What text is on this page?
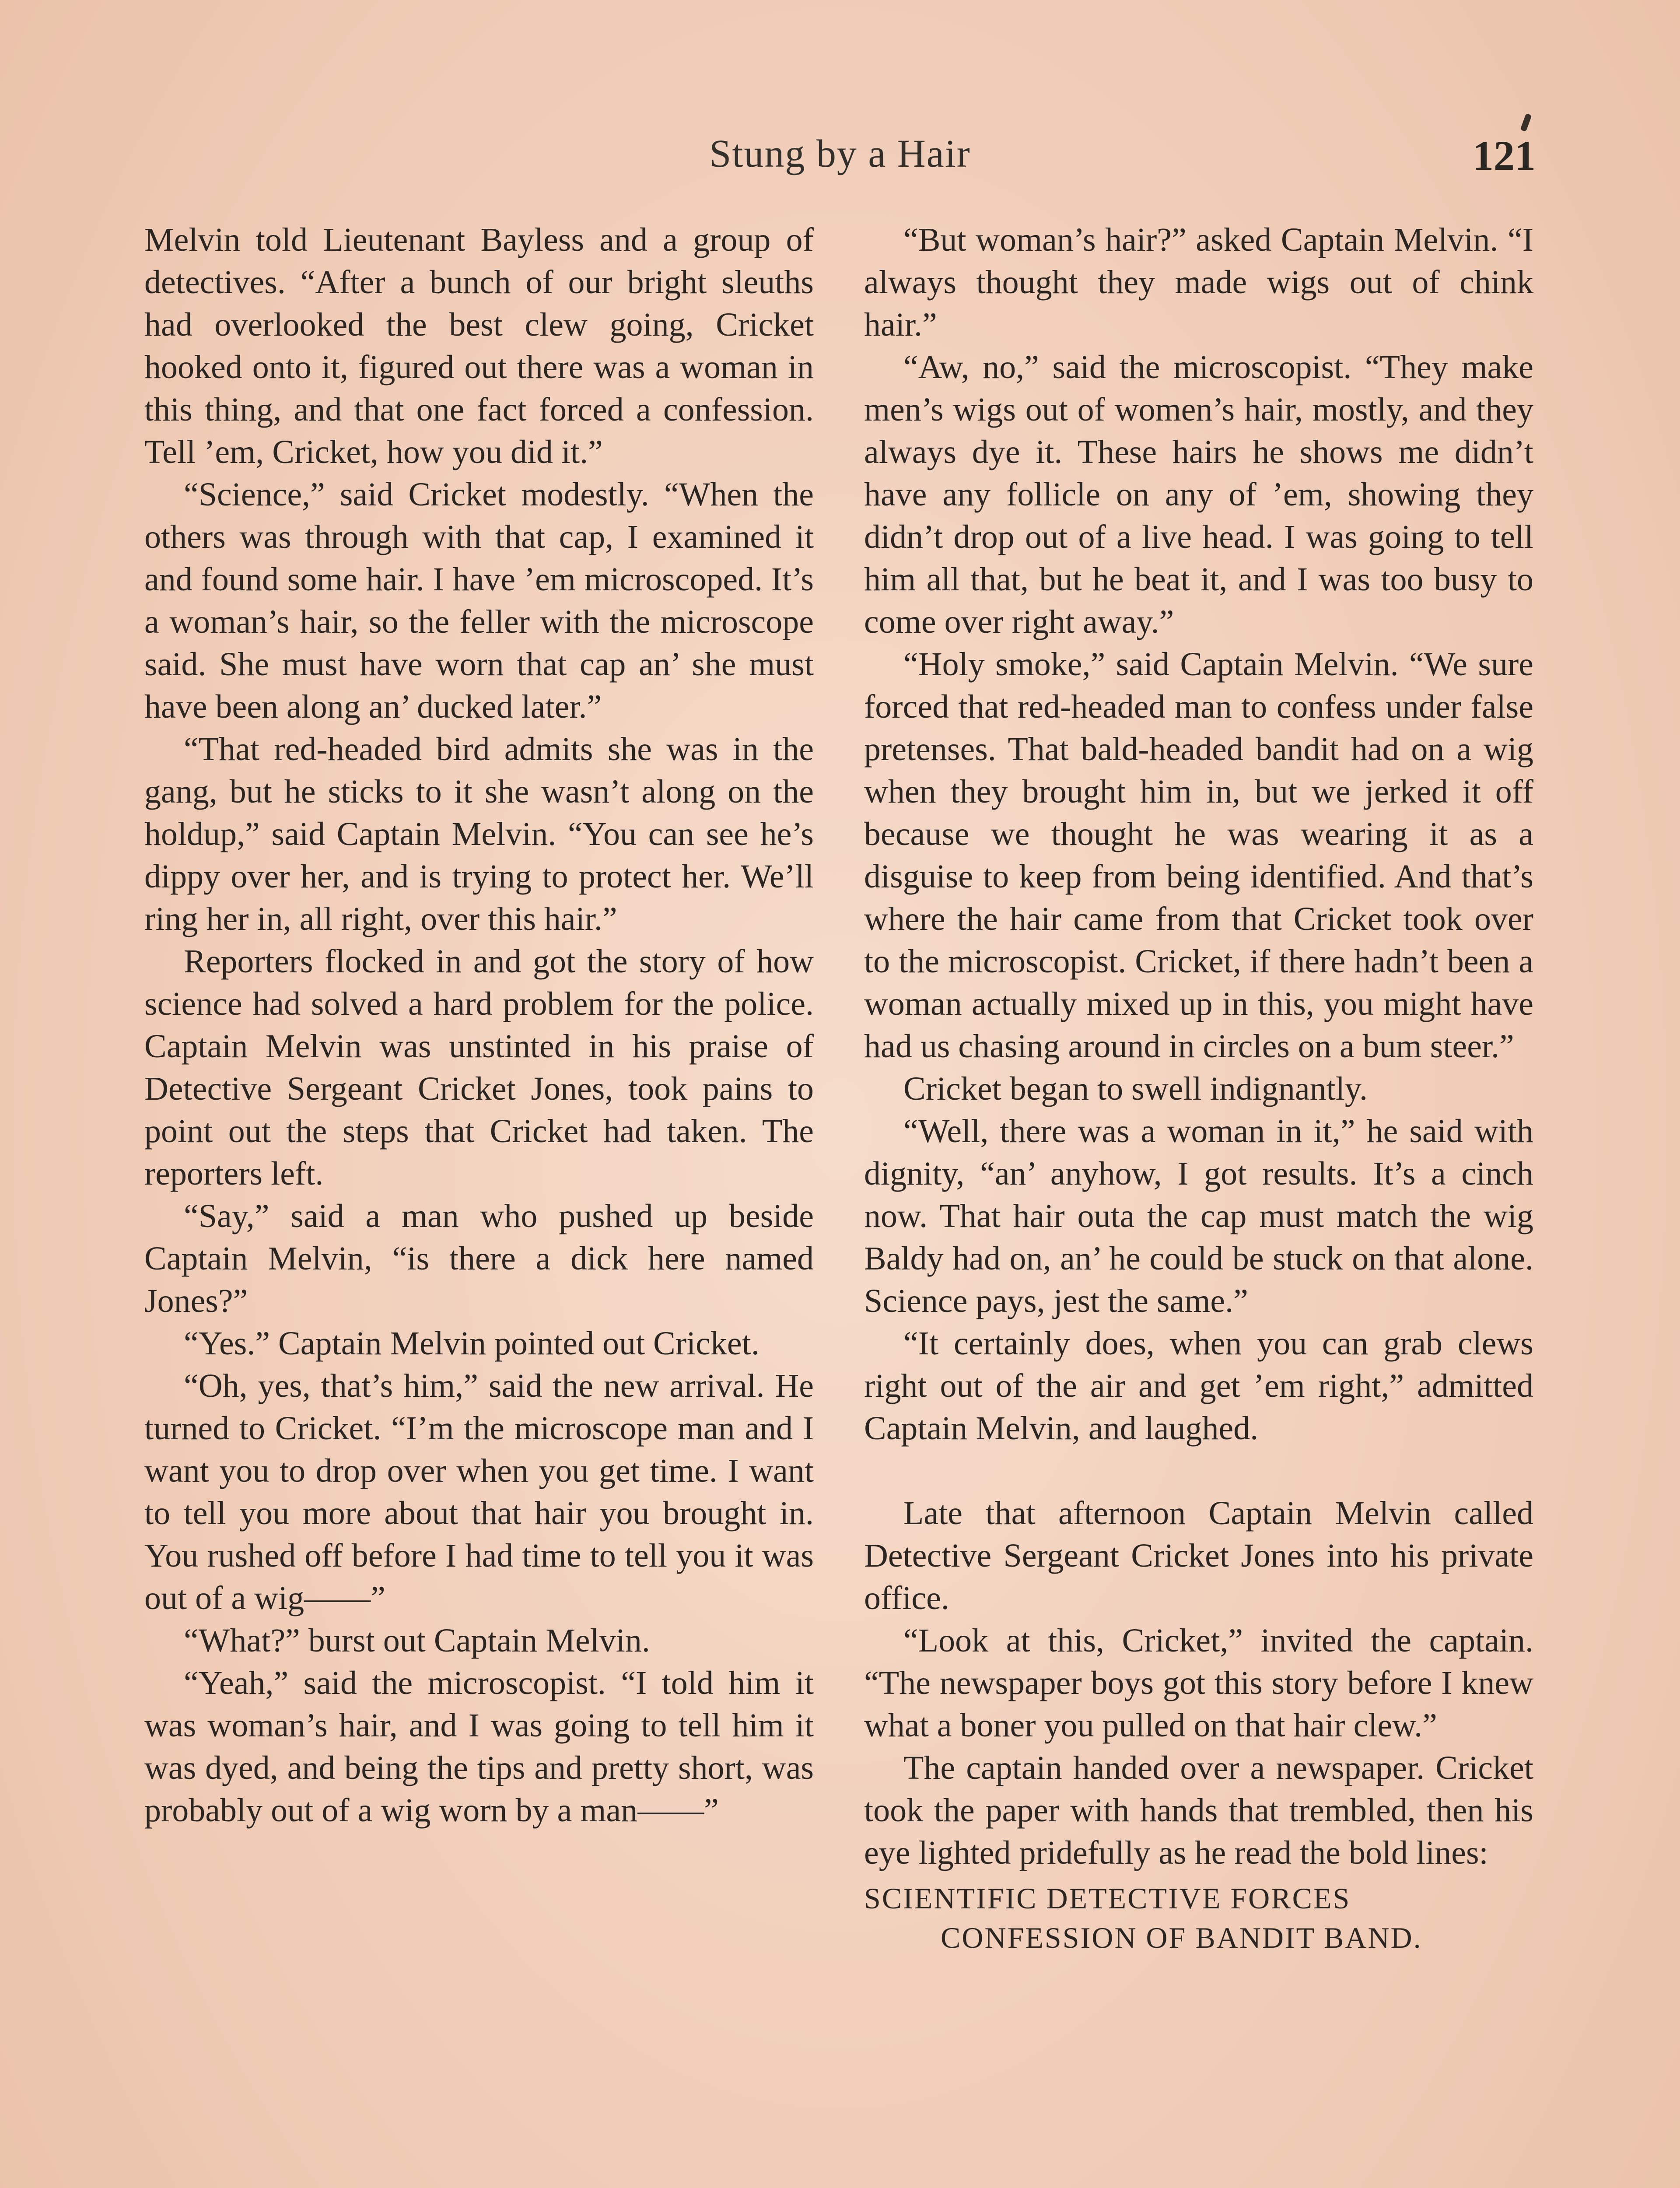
Stung by a Hair	121

Melvin told Lieutenant Bayless and a group of detectives. “After a bunch of our bright sleuths had overlooked the best clew going, Cricket hooked onto it, figured out there was a woman in this thing, and that one fact forced a confession. Tell ’em, Cricket, how you did it.”

“Science,” said Cricket modestly. “When the others was through with that cap, I examined it and found some hair. I have ’em microscoped. It’s a woman’s hair, so the feller with the microscope said. She must have worn that cap an’ she must have been along an’ ducked later.”

“That red-headed bird admits she was in the gang, but he sticks to it she wasn’t along on the holdup,” said Captain Melvin. “You can see he’s dippy over her, and is trying to protect her. We’ll ring her in, all right, over this hair.”

Reporters flocked in and got the story of how science had solved a hard problem for the police. Captain Melvin was unstinted in his praise of Detective Sergeant Cricket Jones, took pains to point out the steps that Cricket had taken. The reporters left.

“Say,” said a man who pushed up beside Captain Melvin, “is there a dick here named Jones?”

“Yes.” Captain Melvin pointed out Cricket.

“Oh, yes, that’s him,” said the new arrival. He turned to Cricket. “I’m the microscope man and I want you to drop over when you get time. I want to tell you more about that hair you brought in. You rushed off before I had time to tell you it was out of a wig——”

“What?” burst out Captain Melvin.

“Yeah,” said the microscopist. “I told him it was woman’s hair, and I was going to tell him it was dyed, and being the tips and pretty short, was probably out of a wig worn by a man——”

“But woman’s hair?” asked Captain Melvin. “I always thought they made wigs out of chink hair.”

“Aw, no,” said the microscopist. “They make men’s wigs out of women’s hair, mostly, and they always dye it. These hairs he shows me didn’t have any follicle on any of ’em, showing they didn’t drop out of a live head. I was going to tell him all that, but he beat it, and I was too busy to come over right away.”

“Holy smoke,” said Captain Melvin. “We sure forced that red-headed man to confess under false pretenses. That bald-headed bandit had on a wig when they brought him in, but we jerked it off because we thought he was wearing it as a disguise to keep from being identified. And that’s where the hair came from that Cricket took over to the microscopist. Cricket, if there hadn’t been a woman actually mixed up in this, you might have had us chasing around in circles on a bum steer.”

Cricket began to swell indignantly.

“Well, there was a woman in it,” he said with dignity, “an’ anyhow, I got results. It’s a cinch now. That hair outa the cap must match the wig Baldy had on, an’ he could be stuck on that alone. Science pays, jest the same.”

“It certainly does, when you can grab clews right out of the air and get ’em right,” admitted Captain Melvin, and laughed.

Late that afternoon Captain Melvin called Detective Sergeant Cricket Jones into his private office.

“Look at this, Cricket,” invited the captain. “The newspaper boys got this story before I knew what a boner you pulled on that hair clew.”

The captain handed over a newspaper. Cricket took the paper with hands that trembled, then his eye lighted pridefully as he read the bold lines:

SCIENTIFIC DETECTIVE FORCES
CONFESSION OF BANDIT BAND.
